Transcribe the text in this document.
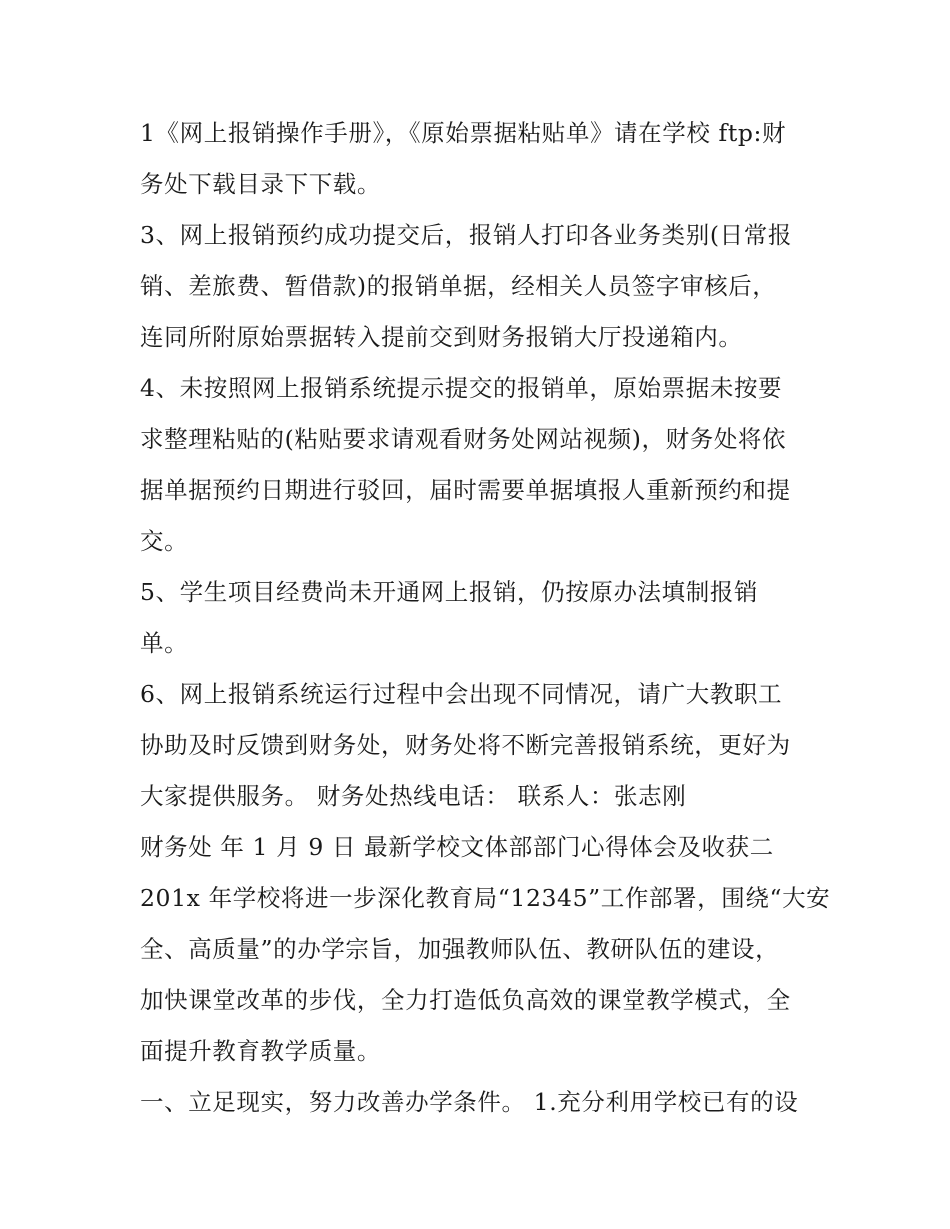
1《网上报销操作手册》，《原始票据粘贴单》请在学校 ftp:财
务处下载目录下下载。
3、网上报销预约成功提交后，报销人打印各业务类别(日常报
销、差旅费、暂借款)的报销单据，经相关人员签字审核后，
连同所附原始票据转入提前交到财务报销大厅投递箱内。
4、未按照网上报销系统提示提交的报销单，原始票据未按要
求整理粘贴的(粘贴要求请观看财务处网站视频)，财务处将依
据单据预约日期进行驳回，届时需要单据填报人重新预约和提
交。
5、学生项目经费尚未开通网上报销，仍按原办法填制报销
单。
6、网上报销系统运行过程中会出现不同情况，请广大教职工
协助及时反馈到财务处，财务处将不断完善报销系统，更好为
大家提供服务。 财务处热线电话： 联系人：张志刚
财务处 年 1 月 9 日 最新学校文体部部门心得体会及收获二
201x 年学校将进一步深化教育局“12345”工作部署，围绕“大安
全、高质量”的办学宗旨，加强教师队伍、教研队伍的建设，
加快课堂改革的步伐，全力打造低负高效的课堂教学模式，全
面提升教育教学质量。
一、立足现实，努力改善办学条件。 1.充分利用学校已有的设
